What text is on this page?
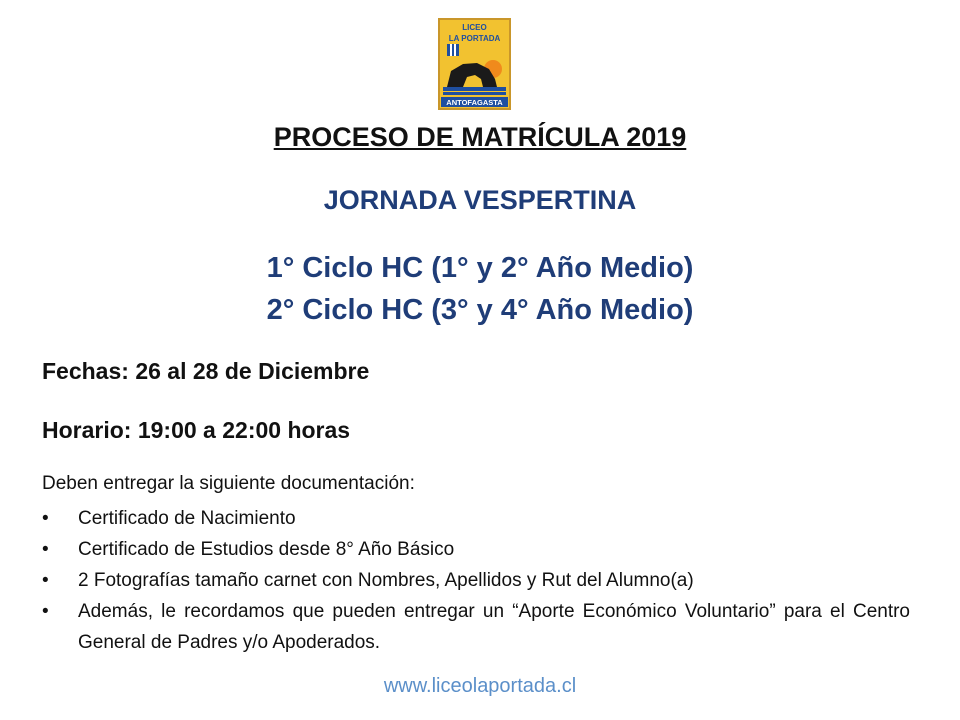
LICEO
LA PORTADA
ANTOFAGASTA
PROCESO DE MATRÍCULA 2019
JORNADA VESPERTINA
1° Ciclo HC (1° y 2° Año Medio)
2° Ciclo HC (3° y 4° Año Medio)
Fechas: 26 al 28 de Diciembre
Horario: 19:00 a 22:00 horas
Deben entregar la siguiente documentación:
• Certificado de Nacimiento
• Certificado de Estudios desde 8° Año Básico
• 2 Fotografías tamaño carnet con Nombres, Apellidos y Rut del Alumno(a)
• Además, le recordamos que pueden entregar un “Aporte Económico Voluntario” para el Centro General de Padres y/o Apoderados.
www.liceolaportada.cl
